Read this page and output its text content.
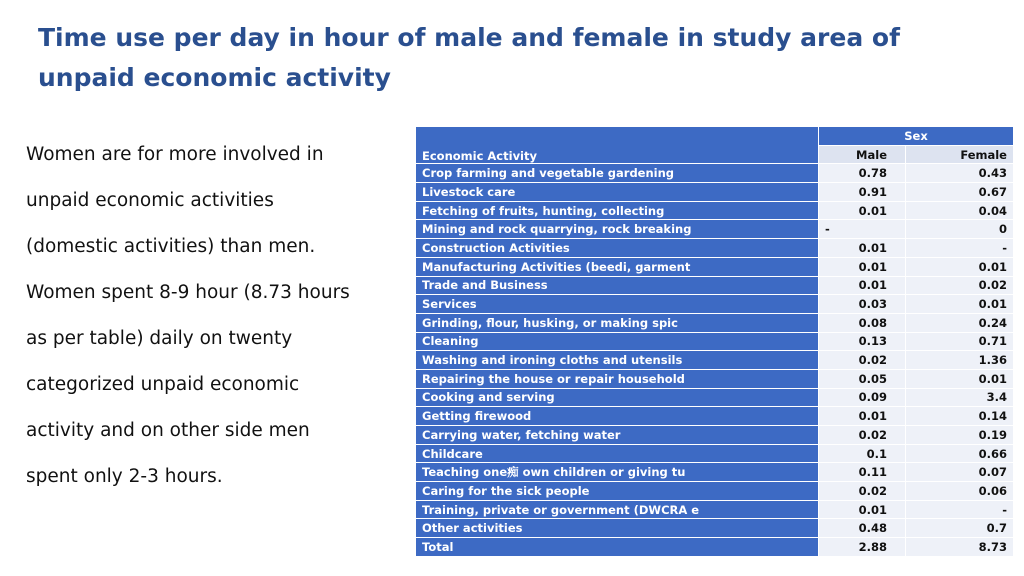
Time use per day in hour of male and female in study area of unpaid economic activity
Women are for more involved in
unpaid economic activities
(domestic activities) than men.
Women spent 8-9 hour (8.73 hours
as per table) daily on twenty
categorized unpaid economic
activity and on other side men
spent only 2-3 hours.
Economic Activity	Sex	
	Male	Female
Crop farming and vegetable gardening	0.78	0.43
Livestock care	0.91	0.67
Fetching of fruits, hunting, collecting	0.01	0.04
Mining and rock quarrying, rock breaking	-	0
Construction Activities	0.01	-
Manufacturing Activities (beedi, garment	0.01	0.01
Trade and Business	0.01	0.02
Services	0.03	0.01
Grinding, flour, husking, or making spic	0.08	0.24
Cleaning	0.13	0.71
Washing and ironing cloths and utensils	0.02	1.36
Repairing the house or repair household	0.05	0.01
Cooking and serving	0.09	3.4
Getting firewood	0.01	0.14
Carrying water, fetching water	0.02	0.19
Childcare	0.1	0.66
Teaching one痴 own children or giving tu	0.11	0.07
Caring for the sick people	0.02	0.06
Training, private or government (DWCRA e	0.01	-
Other activities	0.48	0.7
Total	2.88	8.73
